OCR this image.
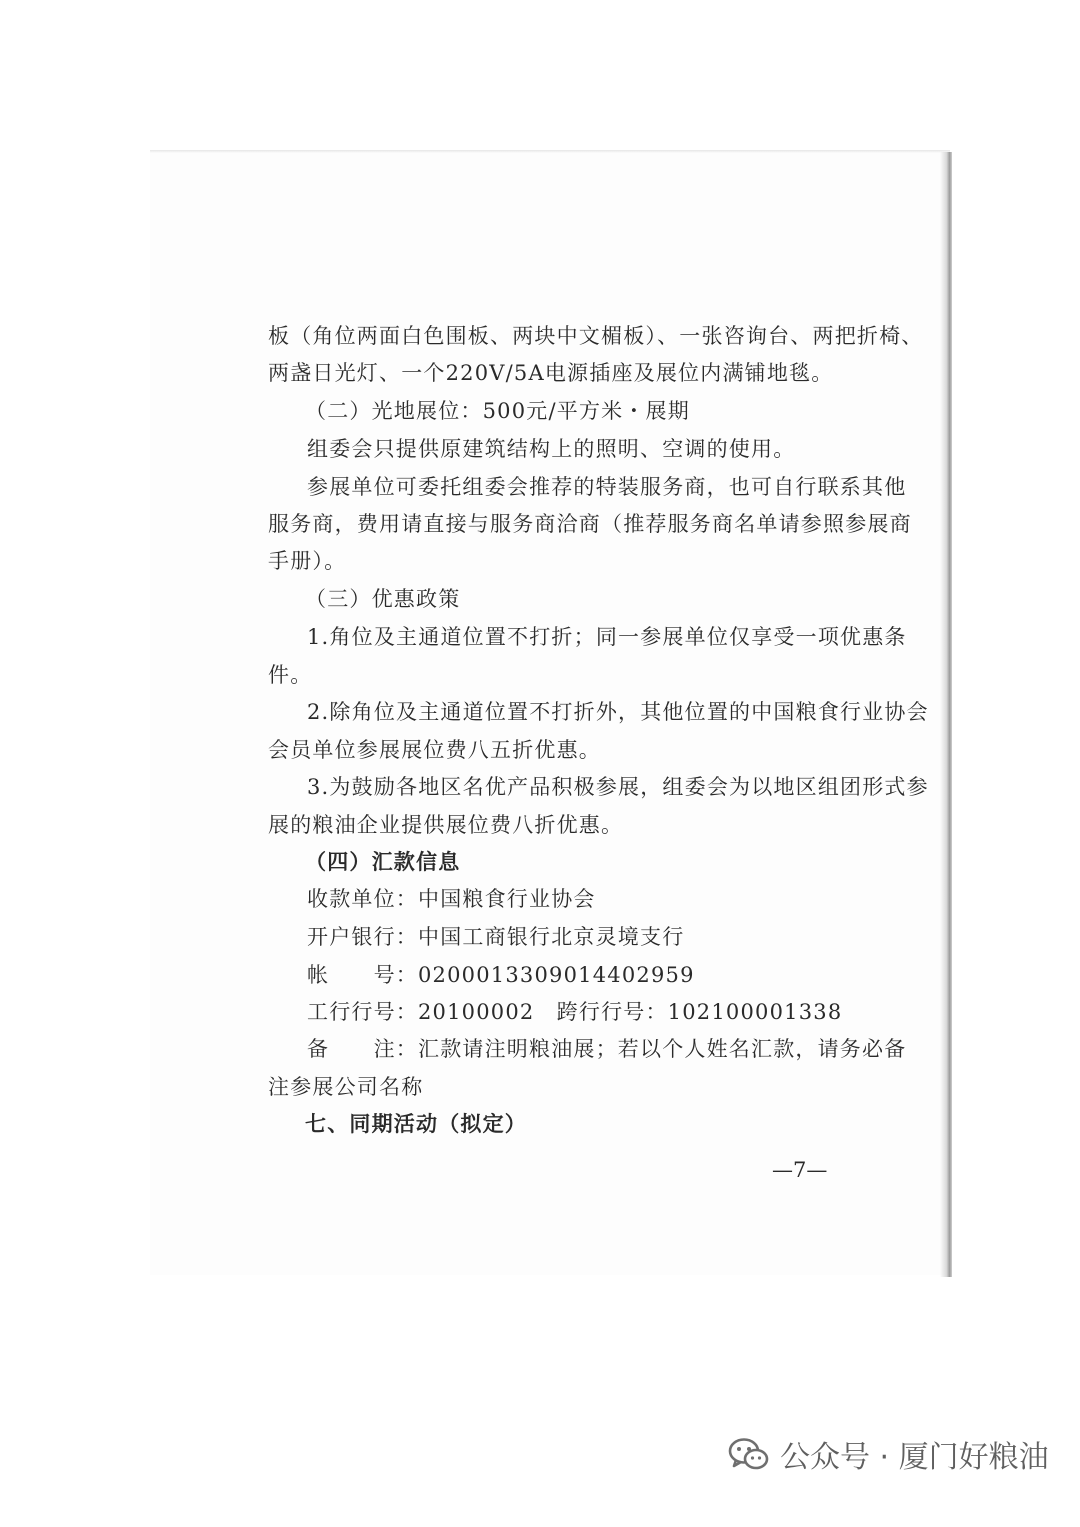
板（角位两面白色围板、两块中文楣板）、一张咨询台、两把折椅、
两盏日光灯、一个220V/5A电源插座及展位内满铺地毯。
（二）光地展位：500元/平方米・展期
组委会只提供原建筑结构上的照明、空调的使用。
参展单位可委托组委会推荐的特装服务商，也可自行联系其他
服务商，费用请直接与服务商洽商（推荐服务商名单请参照参展商
手册）。
（三）优惠政策
1.角位及主通道位置不打折；同一参展单位仅享受一项优惠条
件。
2.除角位及主通道位置不打折外，其他位置的中国粮食行业协会
会员单位参展展位费八五折优惠。
3.为鼓励各地区名优产品积极参展，组委会为以地区组团形式参
展的粮油企业提供展位费八折优惠。
（四）汇款信息
收款单位：中国粮食行业协会
开户银行：中国工商银行北京灵境支行
帐　　号：0200013309014402959
工行行号：20100002　跨行行号：102100001338
备　　注：汇款请注明粮油展；若以个人姓名汇款，请务必备
注参展公司名称
七、同期活动（拟定）
—7—
公众号 · 厦门好粮油
